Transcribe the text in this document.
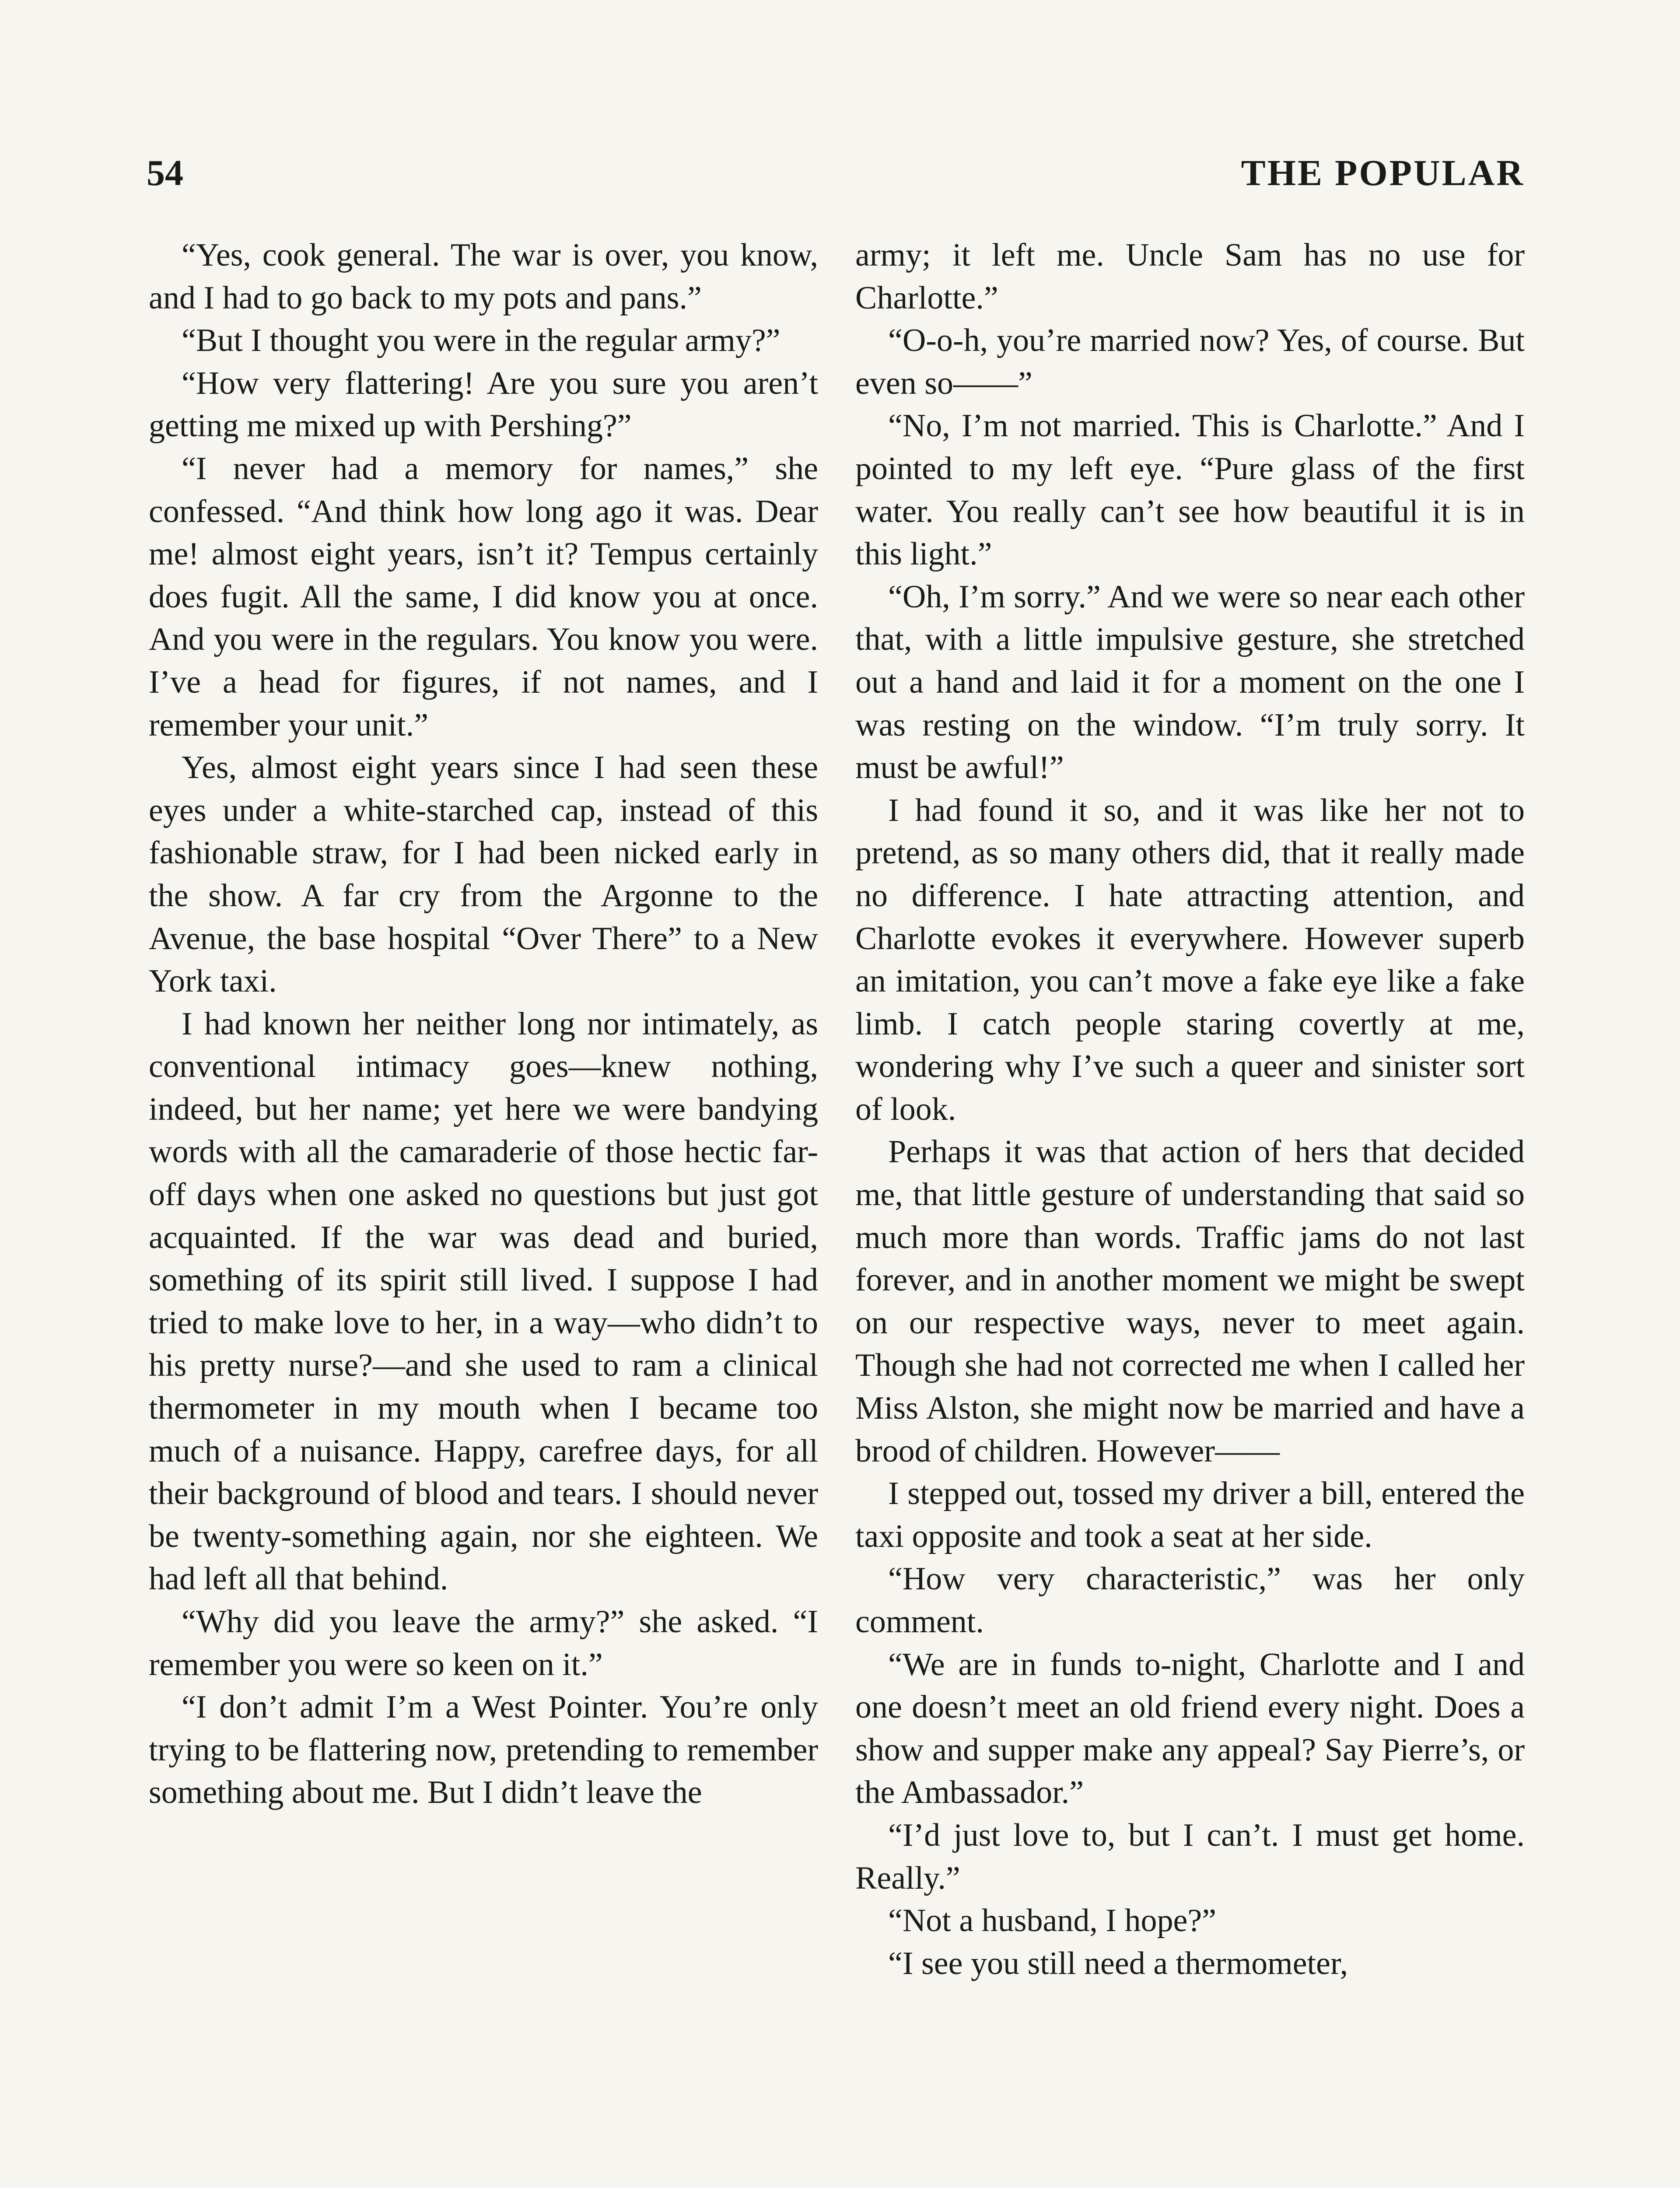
54	THE POPULAR

“Yes, cook general. The war is over, you know, and I had to go back to my pots and pans.”

“But I thought you were in the regular army?”

“How very flattering! Are you sure you aren’t getting me mixed up with Pershing?”

“I never had a memory for names,” she confessed. “And think how long ago it was. Dear me! almost eight years, isn’t it? Tempus certainly does fugit. All the same, I did know you at once. And you were in the regulars. You know you were. I’ve a head for figures, if not names, and I remember your unit.”

Yes, almost eight years since I had seen these eyes under a white-starched cap, instead of this fashionable straw, for I had been nicked early in the show. A far cry from the Argonne to the Avenue, the base hospital “Over There” to a New York taxi.

I had known her neither long nor intimately, as conventional intimacy goes—knew nothing, indeed, but her name; yet here we were bandying words with all the camaraderie of those hectic far-off days when one asked no questions but just got acquainted. If the war was dead and buried, something of its spirit still lived. I suppose I had tried to make love to her, in a way—who didn’t to his pretty nurse?—and she used to ram a clinical thermometer in my mouth when I became too much of a nuisance. Happy, carefree days, for all their background of blood and tears. I should never be twenty-something again, nor she eighteen. We had left all that behind.

“Why did you leave the army?” she asked. “I remember you were so keen on it.”

“I don’t admit I’m a West Pointer. You’re only trying to be flattering now, pretending to remember something about me. But I didn’t leave the

army; it left me. Uncle Sam has no use for Charlotte.”

“O-o-h, you’re married now? Yes, of course. But even so——”

“No, I’m not married. This is Charlotte.” And I pointed to my left eye. “Pure glass of the first water. You really can’t see how beautiful it is in this light.”

“Oh, I’m sorry.” And we were so near each other that, with a little impulsive gesture, she stretched out a hand and laid it for a moment on the one I was resting on the window. “I’m truly sorry. It must be awful!”

I had found it so, and it was like her not to pretend, as so many others did, that it really made no difference. I hate attracting attention, and Charlotte evokes it everywhere. However superb an imitation, you can’t move a fake eye like a fake limb. I catch people staring covertly at me, wondering why I’ve such a queer and sinister sort of look.

Perhaps it was that action of hers that decided me, that little gesture of understanding that said so much more than words. Traffic jams do not last forever, and in another moment we might be swept on our respective ways, never to meet again. Though she had not corrected me when I called her Miss Alston, she might now be married and have a brood of children. However——

I stepped out, tossed my driver a bill, entered the taxi opposite and took a seat at her side.

“How very characteristic,” was her only comment.

“We are in funds to-night, Charlotte and I and one doesn’t meet an old friend every night. Does a show and supper make any appeal? Say Pierre’s, or the Ambassador.”

“I’d just love to, but I can’t. I must get home. Really.”

“Not a husband, I hope?”

“I see you still need a thermometer,
